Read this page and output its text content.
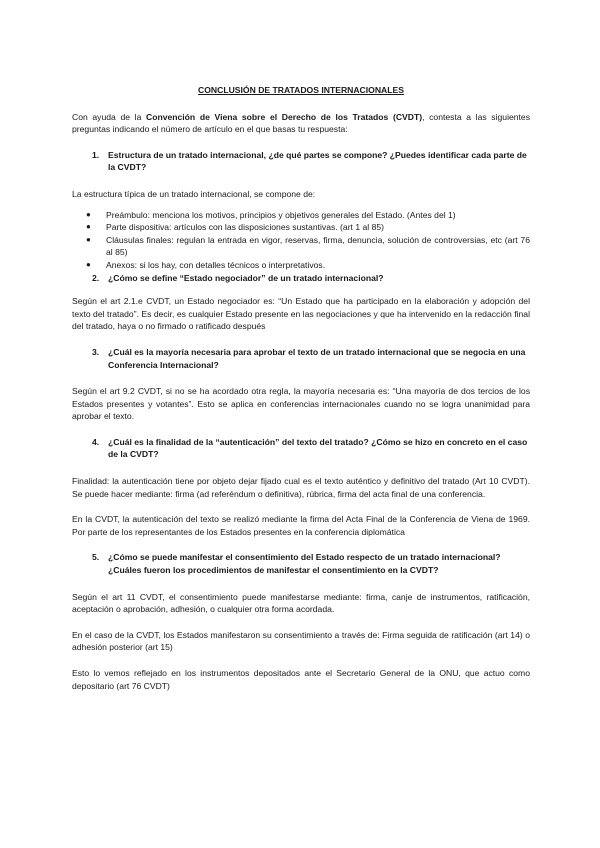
CONCLUSIÓN DE TRATADOS INTERNACIONALES

Con ayuda de la Convención de Viena sobre el Derecho de los Tratados (CVDT), contesta a las siguientes preguntas indicando el número de artículo en el que basas tu respuesta:

1.	Estructura de un tratado internacional, ¿de qué partes se compone? ¿Puedes identificar cada parte de la CVDT?

La estructura típica de un tratado internacional, se compone de:

●	Preámbulo: menciona los motivos, principios y objetivos generales del Estado. (Antes del 1)
●	Parte dispositiva: artículos con las disposiciones sustantivas. (art 1 al 85)
●	Cláusulas finales: regulan la entrada en vigor, reservas, firma, denuncia, solución de controversias, etc (art 76 al 85)
●	Anexos: si los hay, con detalles técnicos o interpretativos.
2.	¿Cómo se define “Estado negociador” de un tratado internacional?

Según el art 2.1.e CVDT, un Estado negociador es: “Un Estado que ha participado en la elaboración y adopción del texto del tratado”. Es decir, es cualquier Estado presente en las negociaciones y que ha intervenido en la redacción final del tratado, haya o no firmado o ratificado después

3.	¿Cuál es la mayoría necesaria para aprobar el texto de un tratado internacional que se negocia en una Conferencia Internacional?

Según el art 9.2 CVDT, si no se ha acordado otra regla, la mayoría necesaria es: “Una mayoría de dos tercios de los Estados presentes y votantes”. Esto se aplica en conferencias internacionales cuando no se logra unanimidad para aprobar el texto.

4.	¿Cuál es la finalidad de la “autenticación” del texto del tratado? ¿Cómo se hizo en concreto en el caso de la CVDT?

Finalidad: la autenticación tiene por objeto dejar fijado cual es el texto auténtico y definitivo del tratado (Art 10 CVDT). Se puede hacer mediante: firma (ad referéndum o definitiva), rúbrica, firma del acta final de una conferencia.

En la CVDT, la autenticación del texto se realizó mediante la firma del Acta Final de la Conferencia de Viena de 1969. Por parte de los representantes de los Estados presentes en la conferencia diplomática

5.	¿Cómo se puede manifestar el consentimiento del Estado respecto de un tratado internacional? ¿Cuáles fueron los procedimientos de manifestar el consentimiento en la CVDT?

Según el art 11 CVDT, el consentimiento puede manifestarse mediante: firma, canje de instrumentos, ratificación, aceptación o aprobación, adhesión, o cualquier otra forma acordada.

En el caso de la CVDT, los Estados manifestaron su consentimiento a través de: Firma seguida de ratificación (art 14) o adhesión posterior (art 15)

Esto lo vemos reflejado en los instrumentos depositados ante el Secretario General de la ONU, que actuo como depositario (art 76 CVDT)
